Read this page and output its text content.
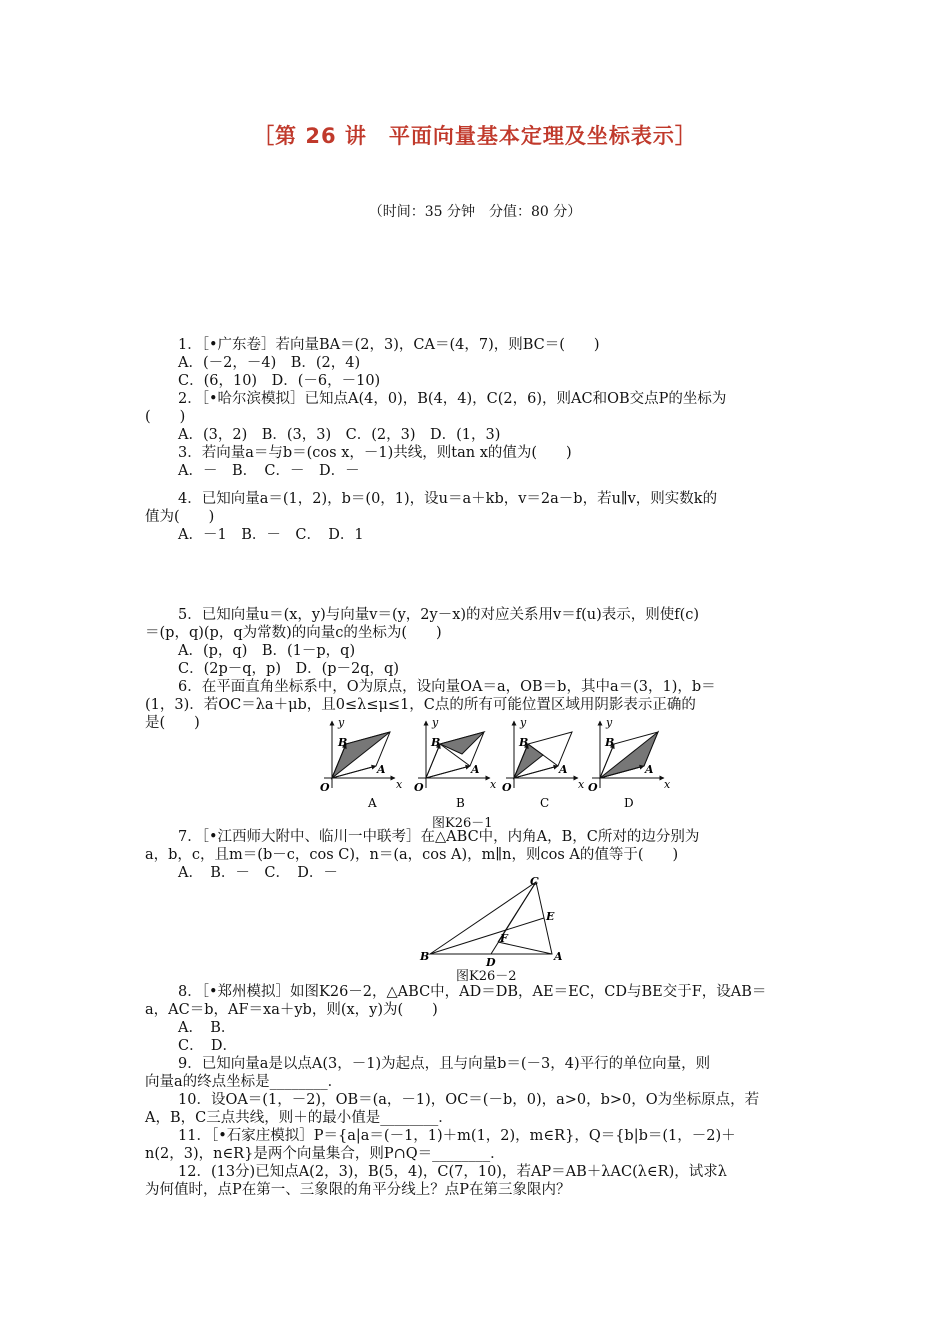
［第 26 讲　平面向量基本定理及坐标表示］
（时间：35 分钟　分值：80 分）
1．［•广东卷］若向量BA＝(2，3)，CA＝(4，7)，则BC＝(　　)
A．(－2，－4)　B．(2，4)
C．(6，10)　D．(－6，－10)
2．［•哈尔滨模拟］已知点A(4，0)，B(4，4)，C(2，6)，则AC和OB交点P的坐标为
(　　)
A．(3，2)　B．(3，3)　C．(2，3)　D．(1，3)
3．若向量a＝与b＝(cos x，－1)共线，则tan x的值为(　　)
A．－　B．　C．－　D．－
4．已知向量a＝(1，2)，b＝(0，1)，设u＝a＋kb，v＝2a－b，若u∥v，则实数k的
值为(　　)
A．－1　B．－　C．　D．1
5．已知向量u＝(x，y)与向量v＝(y，2y－x)的对应关系用v＝f(u)表示，则使f(c)
＝(p，q)(p，q为常数)的向量c的坐标为(　　)
A．(p，q)　B．(1－p，q)
C．(2p－q，p)　D．(p－2q，q)
6．在平面直角坐标系中，O为原点，设向量OA＝a，OB＝b，其中a＝(3，1)，b＝
(1，3)．若OC＝λa＋μb，且0≤λ≤μ≤1，C点的所有可能位置区域用阴影表示正确的
是(　　)	y
x
O
B
A
A
y
x
O
B
A
B
y
x
O
B
A
C
y
x
O
B
A
D
图K26－1
7．［•江西师大附中、临川一中联考］在△ABC中，内角A，B，C所对的边分别为
a，b，c，且m＝(b－c，cos C)，n＝(a，cos A)，m∥n，则cos A的值等于(　　)
A．　B．－　C．　D．－
C
B	A
E
F
D
图K26－2
8．［•郑州模拟］如图K26－2，△ABC中，AD＝DB，AE＝EC，CD与BE交于F，设AB＝
a，AC＝b，AF＝xa＋yb，则(x，y)为(　　)
A．　B．
C．　D．
9．已知向量a是以点A(3，－1)为起点，且与向量b＝(－3，4)平行的单位向量，则
向量a的终点坐标是________．
10．设OA＝(1，－2)，OB＝(a，－1)，OC＝(－b，0)，a>0，b>0，O为坐标原点，若
A，B，C三点共线，则＋的最小值是________．
11．［•石家庄模拟］P＝{a|a＝(－1，1)＋m(1，2)，m∈R}，Q＝{b|b＝(1，－2)＋
n(2，3)，n∈R}是两个向量集合，则P∩Q＝________．
12．(13分)已知点A(2，3)，B(5，4)，C(7，10)，若AP＝AB＋λAC(λ∈R)，试求λ
为何值时，点P在第一、三象限的角平分线上？点P在第三象限内？
